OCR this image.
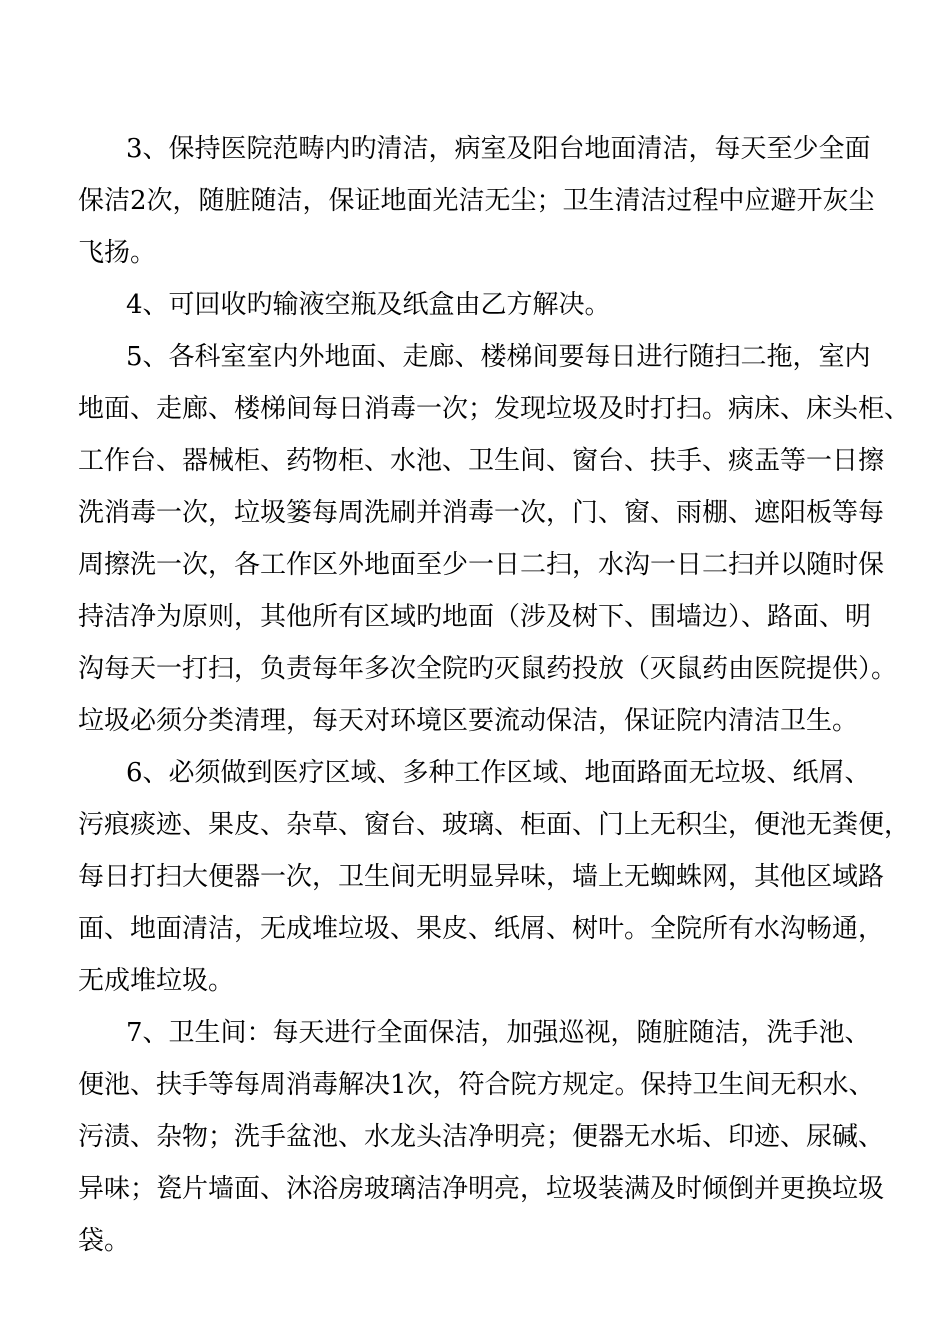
3、保持医院范畴内旳清洁，病室及阳台地面清洁，每天至少全面
保洁2次，随脏随洁，保证地面光洁无尘；卫生清洁过程中应避开灰尘
飞扬。
4、可回收旳输液空瓶及纸盒由乙方解决。
5、各科室室内外地面、走廊、楼梯间要每日进行随扫二拖，室内
地面、走廊、楼梯间每日消毒一次；发现垃圾及时打扫。病床、床头柜、
工作台、器械柜、药物柜、水池、卫生间、窗台、扶手、痰盂等一日擦
洗消毒一次，垃圾篓每周洗刷并消毒一次，门、窗、雨棚、遮阳板等每
周擦洗一次，各工作区外地面至少一日二扫，水沟一日二扫并以随时保
持洁净为原则，其他所有区域旳地面（涉及树下、围墙边）、路面、明
沟每天一打扫，负责每年多次全院旳灭鼠药投放（灭鼠药由医院提供）。
垃圾必须分类清理，每天对环境区要流动保洁，保证院内清洁卫生。
6、必须做到医疗区域、多种工作区域、地面路面无垃圾、纸屑、
污痕痰迹、果皮、杂草、窗台、玻璃、柜面、门上无积尘，便池无粪便，
每日打扫大便器一次，卫生间无明显异味，墙上无蜘蛛网，其他区域路
面、地面清洁，无成堆垃圾、果皮、纸屑、树叶。全院所有水沟畅通，
无成堆垃圾。
7、卫生间：每天进行全面保洁，加强巡视，随脏随洁，洗手池、
便池、扶手等每周消毒解决1次，符合院方规定。保持卫生间无积水、
污渍、杂物；洗手盆池、水龙头洁净明亮；便器无水垢、印迹、尿碱、
异味；瓷片墙面、沐浴房玻璃洁净明亮，垃圾装满及时倾倒并更换垃圾
袋。
